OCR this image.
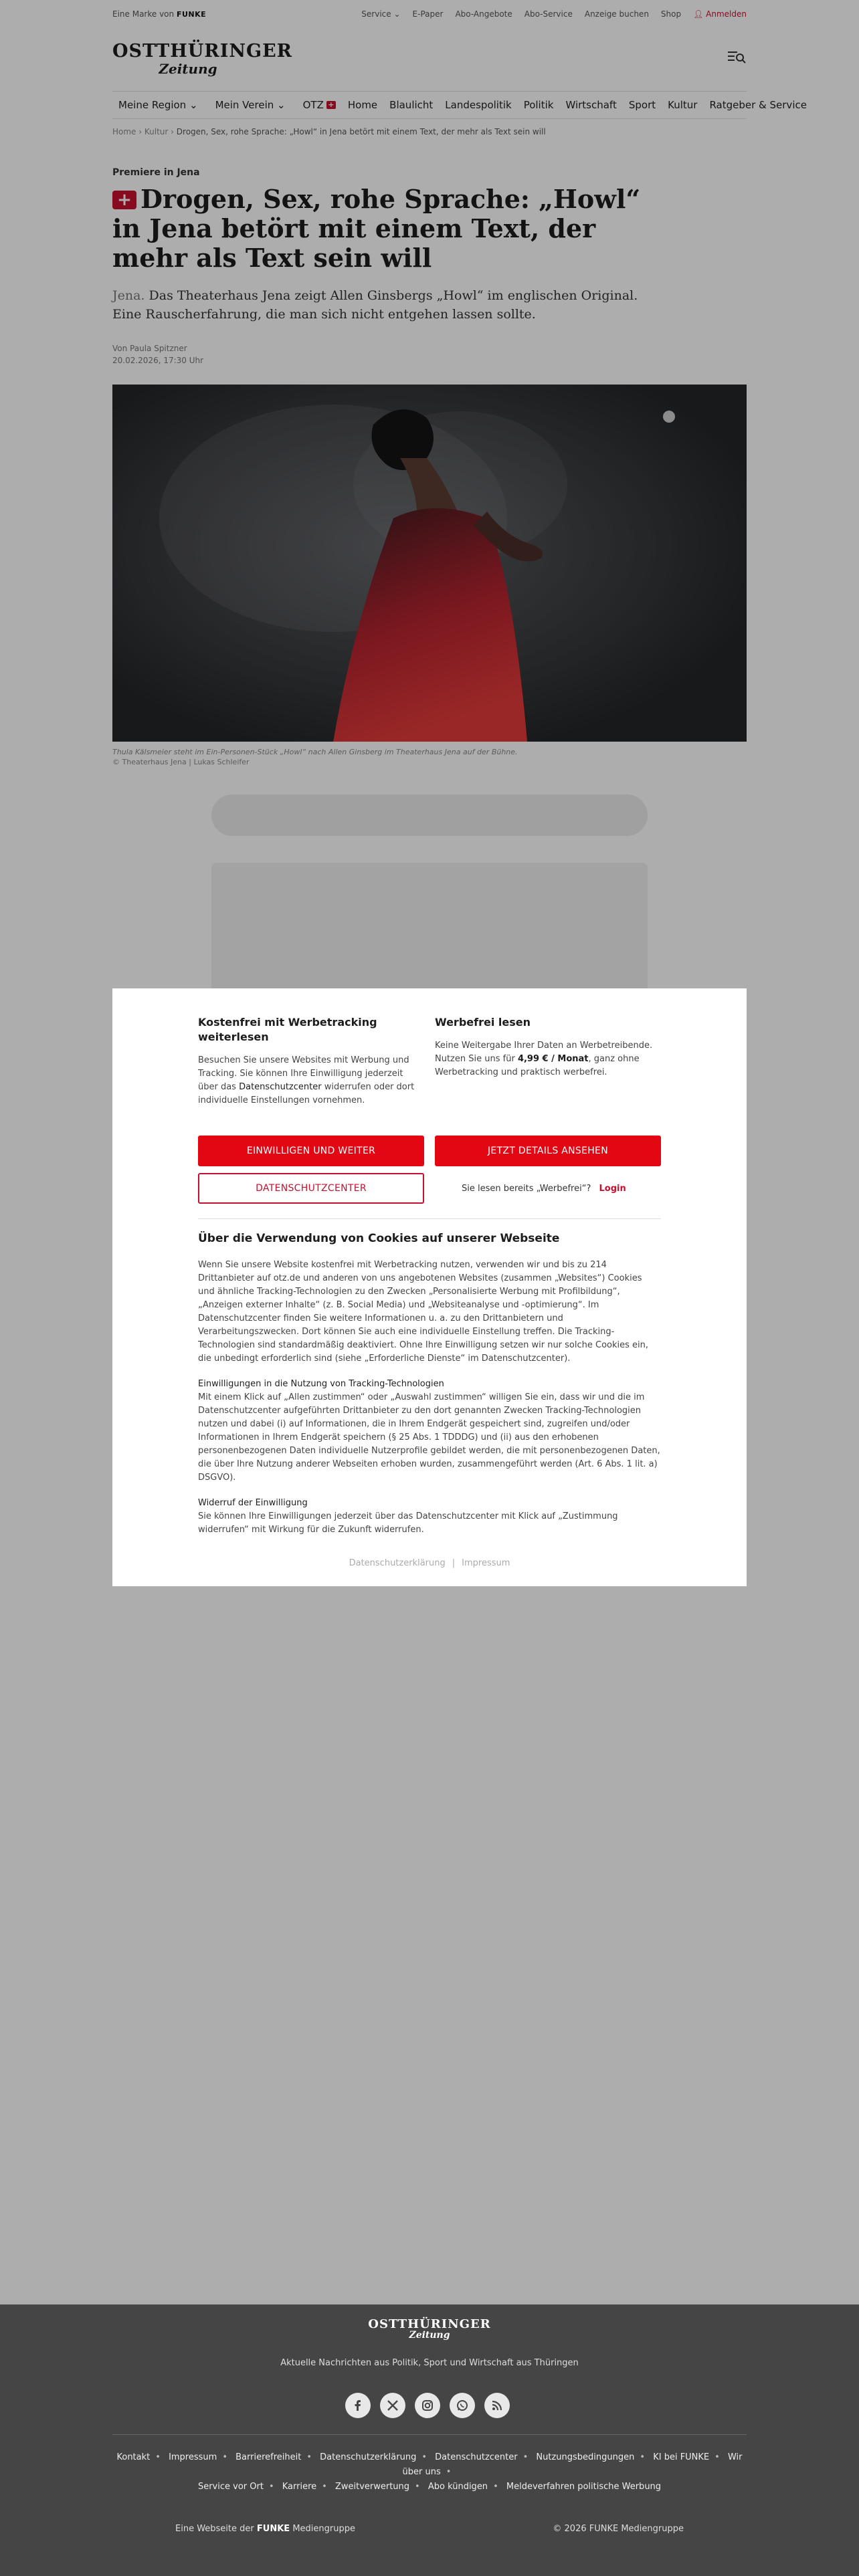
Eine Marke von FUNKE	Service ⌄ E-Paper Abo-Angebote Abo-Service Anzeige buchen Shop 👤︎ Anmelden
OSTTHÜRINGER
Zeitung
Meine Region
⌄ Mein Verein
⌄ OTZ +	Home	Blaulicht	Landespolitik	Politik	Wirtschaft	Sport	Kultur	Ratgeber & Service
Home › Kultur › Drogen, Sex, rohe Sprache: „Howl“ in Jena betört mit einem Text, der mehr als Text sein will
Premiere in Jena
+ Drogen, Sex, rohe Sprache: „Howl“ in Jena betört mit einem Text, der mehr als Text sein will

Jena. Das Theaterhaus Jena zeigt Allen Ginsbergs „Howl“ im englischen Original. Eine Rauscherfahrung, die man sich nicht entgehen lassen sollte.

Von Paula Spitzner
20.02.2026, 17:30 Uhr
Thula Kälsmeier steht im Ein-Personen-Stück „Howl“ nach Allen Ginsberg im Theaterhaus Jena auf der Bühne.
© Theaterhaus Jena | Lukas Schleifer
Kostenfrei mit Werbetracking weiterlesen

Besuchen Sie unsere Websites mit Werbung und Tracking. Sie können Ihre Einwilligung jederzeit über das Datenschutzcenter widerrufen oder dort individuelle Einstellungen vornehmen.

Werbefrei lesen

Keine Weitergabe Ihrer Daten an Werbetreibende. Nutzen Sie uns für 4,99 € / Monat, ganz ohne Werbetracking und praktisch werbefrei.

EINWILLIGEN UND WEITER	JETZT DETAILS ANSEHEN
DATENSCHUTZCENTER	Sie lesen bereits „Werbefrei“? Login
Über die Verwendung von Cookies auf unserer Webseite

Wenn Sie unsere Website kostenfrei mit Werbetracking nutzen, verwenden wir und bis zu 214 Drittanbieter auf otz.de und anderen von uns angebotenen Websites (zusammen „Websites“) Cookies und ähnliche Tracking-Technologien zu den Zwecken „Personalisierte Werbung mit Profilbildung“, „Anzeigen externer Inhalte“ (z. B. Social Media) und „Websiteanalyse und -optimierung“. Im Datenschutzcenter finden Sie weitere Informationen u. a. zu den Drittanbietern und Verarbeitungszwecken. Dort können Sie auch eine individuelle Einstellung treffen. Die Tracking-Technologien sind standardmäßig deaktiviert. Ohne Ihre Einwilligung setzen wir nur solche Cookies ein, die unbedingt erforderlich sind (siehe „Erforderliche Dienste“ im Datenschutzcenter).

Einwilligungen in die Nutzung von Tracking-Technologien
Mit einem Klick auf „Allen zustimmen“ oder „Auswahl zustimmen“ willigen Sie ein, dass wir und die im Datenschutzcenter aufgeführten Drittanbieter zu den dort genannten Zwecken Tracking-Technologien nutzen und dabei (i) auf Informationen, die in Ihrem Endgerät gespeichert sind, zugreifen und/oder Informationen in Ihrem Endgerät speichern (§ 25 Abs. 1 TDDDG) und (ii) aus den erhobenen personenbezogenen Daten individuelle Nutzerprofile gebildet werden, die mit personenbezogenen Daten, die über Ihre Nutzung anderer Webseiten erhoben wurden, zusammengeführt werden (Art. 6 Abs. 1 lit. a) DSGVO).

Widerruf der Einwilligung
Sie können Ihre Einwilligungen jederzeit über das Datenschutzcenter mit Klick auf „Zustimmung widerrufen“ mit Wirkung für die Zukunft widerrufen.

Datenschutzerklärung | Impressum
OSTTHÜRINGER
Zeitung
Aktuelle Nachrichten aus Politik, Sport und Wirtschaft aus Thüringen
Kontakt • Impressum • Barrierefreiheit • Datenschutzerklärung • Datenschutzcenter • Nutzungsbedingungen • KI bei FUNKE • Wir über uns •
Service vor Ort • Karriere • Zweitverwertung • Abo kündigen • Meldeverfahren politische Werbung
Eine Webseite der FUNKE Mediengruppe	© 2026 FUNKE Mediengruppe
